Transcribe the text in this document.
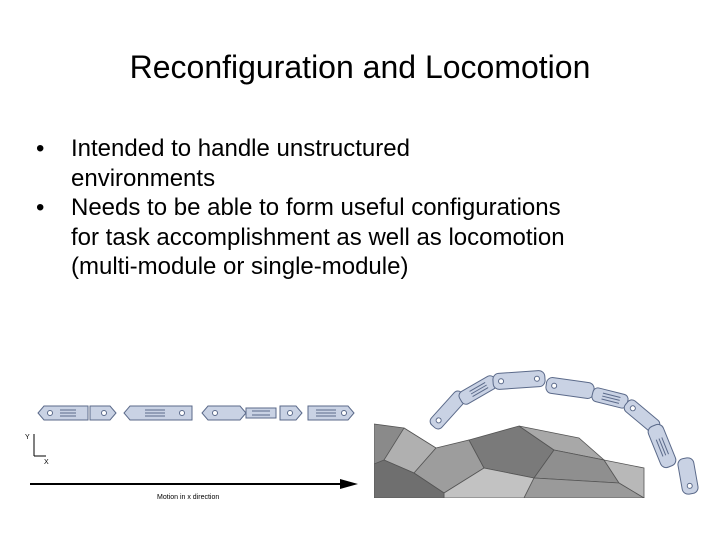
Reconfiguration and Locomotion
• Intended to handle unstructured
environments
• Needs to be able to form useful configurations
for task accomplishment as well as locomotion
(multi-module or single-module)
Y
X
Motion in x direction
